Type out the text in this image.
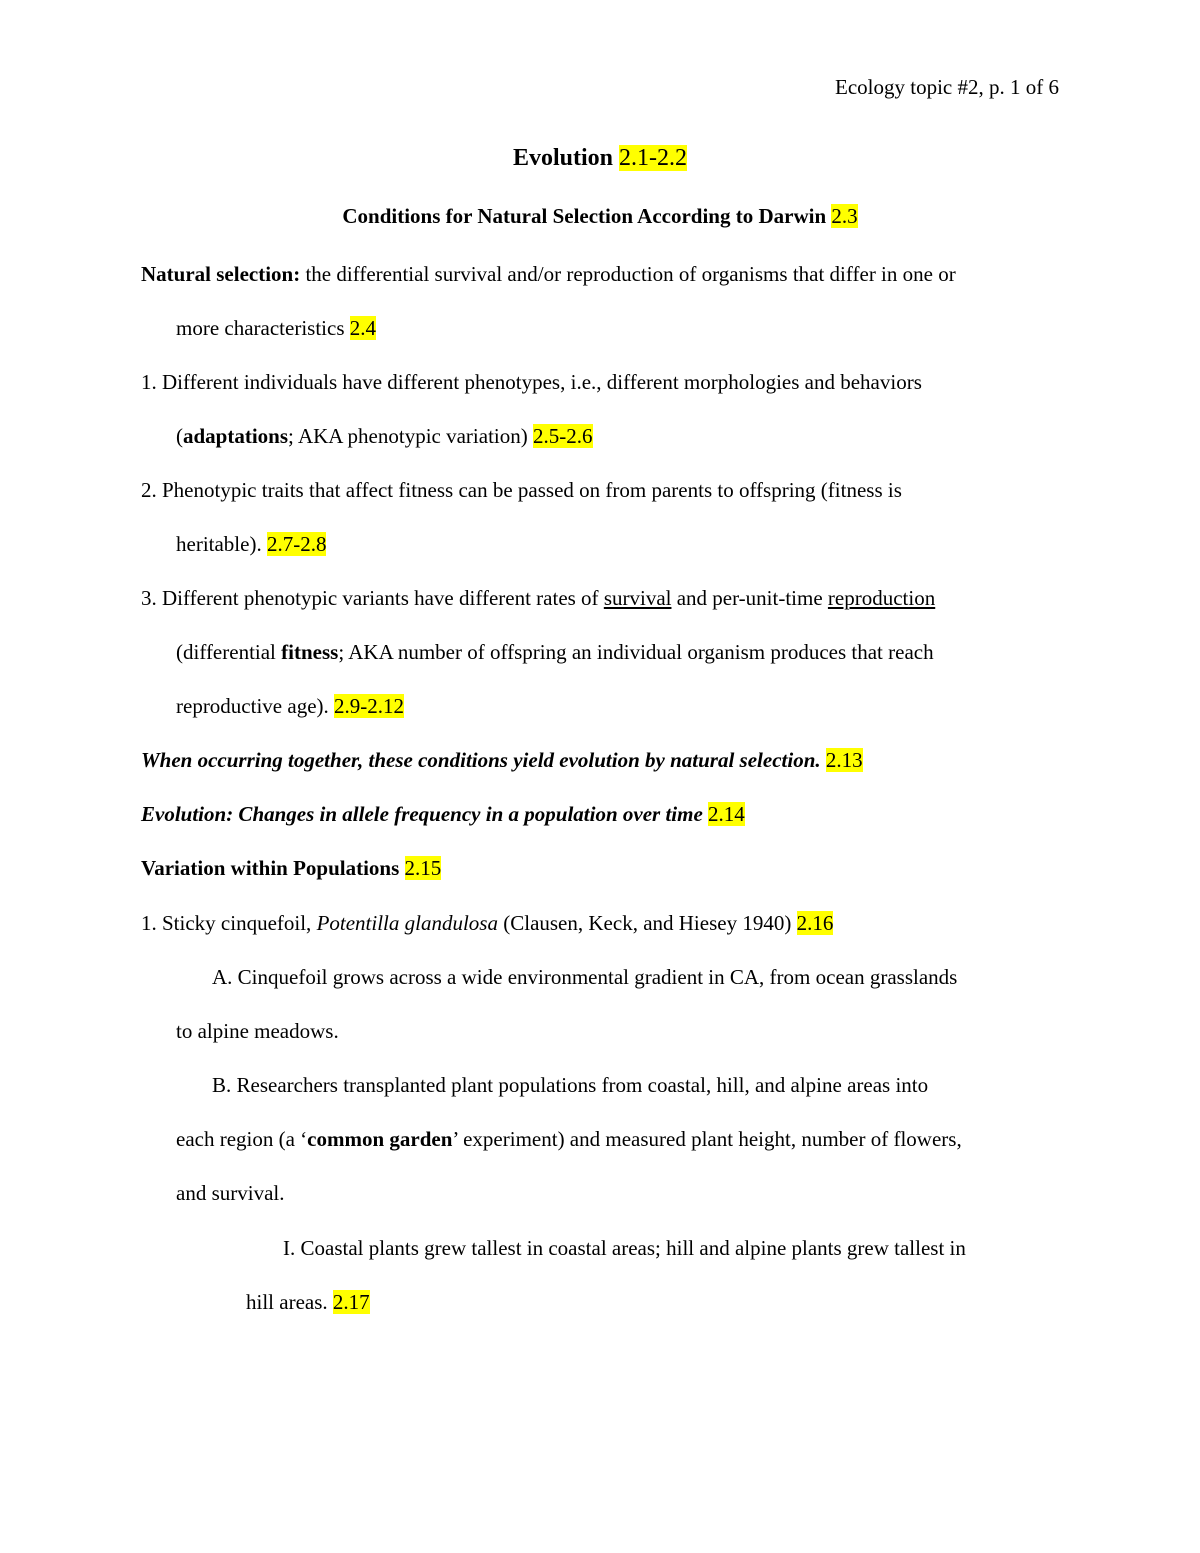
Ecology topic #2, p. 1 of 6
Evolution 2.1-2.2
Conditions for Natural Selection According to Darwin 2.3
Natural selection: the differential survival and/or reproduction of organisms that differ in one or
more characteristics 2.4
1. Different individuals have different phenotypes, i.e., different morphologies and behaviors
(adaptations; AKA phenotypic variation) 2.5-2.6
2. Phenotypic traits that affect fitness can be passed on from parents to offspring (fitness is
heritable). 2.7-2.8
3. Different phenotypic variants have different rates of survival and per-unit-time reproduction
(differential fitness; AKA number of offspring an individual organism produces that reach
reproductive age). 2.9-2.12
When occurring together, these conditions yield evolution by natural selection. 2.13
Evolution: Changes in allele frequency in a population over time 2.14
Variation within Populations 2.15
1. Sticky cinquefoil, Potentilla glandulosa (Clausen, Keck, and Hiesey 1940) 2.16
A. Cinquefoil grows across a wide environmental gradient in CA, from ocean grasslands
to alpine meadows.
B. Researchers transplanted plant populations from coastal, hill, and alpine areas into
each region (a ‘common garden’ experiment) and measured plant height, number of flowers,
and survival.
I. Coastal plants grew tallest in coastal areas; hill and alpine plants grew tallest in
hill areas. 2.17
